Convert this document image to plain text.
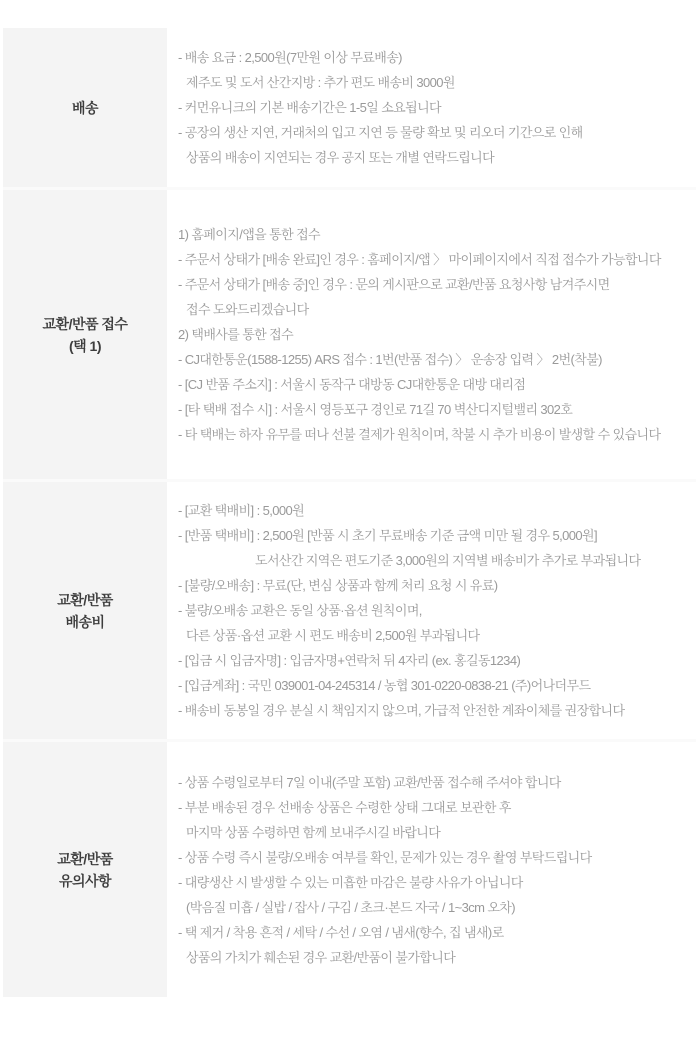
배송
- 배송 요금 : 2,500원(7만원 이상 무료배송)
제주도 및 도서 산간지방 : 추가 편도 배송비 3000원
- 커먼유니크의 기본 배송기간은 1-5일 소요됩니다
- 공장의 생산 지연, 거래처의 입고 지연 등 물량 확보 및 리오더 기간으로 인해
상품의 배송이 지연되는 경우 공지 또는 개별 연락드립니다
교환/반품 접수
(택 1)
1) 홈페이지/앱을 통한 접수
- 주문서 상태가 [배송 완료]인 경우 : 홈페이지/앱 〉 마이페이지에서 직접 접수가 가능합니다
- 주문서 상태가 [배송 중]인 경우 : 문의 게시판으로 교환/반품 요청사항 남겨주시면
접수 도와드리겠습니다
2) 택배사를 통한 접수
- CJ대한통운(1588-1255) ARS 접수 : 1번(반품 접수) 〉 운송장 입력 〉 2번(착불)
- [CJ 반품 주소지] : 서울시 동작구 대방동 CJ대한통운 대방 대리점
- [타 택배 접수 시] : 서울시 영등포구 경인로 71길 70 벽산디지털밸리 302호
- 타 택배는 하자 유무를 떠나 선불 결제가 원칙이며, 착불 시 추가 비용이 발생할 수 있습니다
교환/반품
배송비
- [교환 택배비] : 5,000원
- [반품 택배비] : 2,500원 [반품 시 초기 무료배송 기준 금액 미만 될 경우 5,000원]
도서산간 지역은 편도기준 3,000원의 지역별 배송비가 추가로 부과됩니다
- [불량/오배송] : 무료(단, 변심 상품과 함께 처리 요청 시 유료)
- 불량/오배송 교환은 동일 상품·옵션 원칙이며,
다른 상품·옵션 교환 시 편도 배송비 2,500원 부과됩니다
- [입금 시 입금자명] : 입금자명+연락처 뒤 4자리 (ex. 홍길동1234)
- [입금계좌] : 국민 039001-04-245314 / 농협 301-0220-0838-21 (주)어나더무드
- 배송비 동봉일 경우 분실 시 책임지지 않으며, 가급적 안전한 계좌이체를 권장합니다
교환/반품
유의사항
- 상품 수령일로부터 7일 이내(주말 포함) 교환/반품 접수해 주셔야 합니다
- 부분 배송된 경우 선배송 상품은 수령한 상태 그대로 보관한 후
마지막 상품 수령하면 함께 보내주시길 바랍니다
- 상품 수령 즉시 불량/오배송 여부를 확인, 문제가 있는 경우 촬영 부탁드립니다
- 대량생산 시 발생할 수 있는 미흡한 마감은 불량 사유가 아닙니다
(박음질 미흡 / 실밥 / 잡사 / 구김 / 초크·본드 자국 / 1~3cm 오차)
- 택 제거 / 착용 흔적 / 세탁 / 수선 / 오염 / 냄새(향수, 집 냄새)로
상품의 가치가 훼손된 경우 교환/반품이 불가합니다
